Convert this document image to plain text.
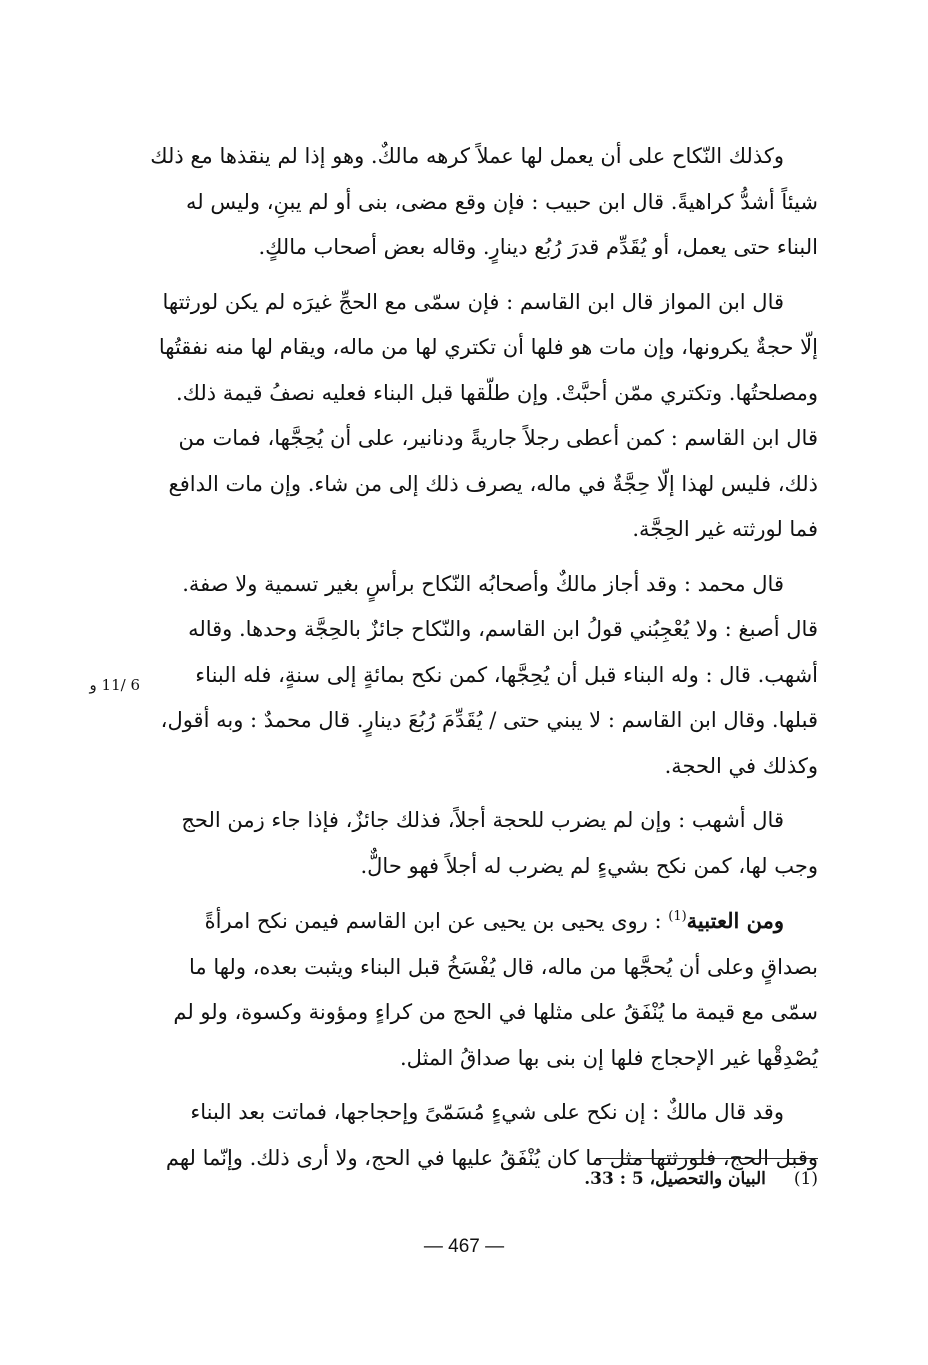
وكذلك النّكاح على أن يعمل لها عملاً كرهه مالكٌ. وهو إذا لم ينقذها مع ذلك شيئاً أشدُّ كراهيةً. قال ابن حبيب : فإن وقع مضى، بنى أو لم يبنِ، وليس له البناء حتى يعمل، أو يُقَدِّم قدرَ رُبُع دينارٍ. وقاله بعض أصحاب مالكٍ.

قال ابن المواز قال ابن القاسم : فإن سمّى مع الحجِّ غيرَه لم يكن لورثتها إلّا حجةٌ يكرونها، وإن مات هو فلها أن تكتري لها من ماله، ويقام لها منه نفقتُها ومصلحتُها. وتكتري ممّن أحبَّتْ. وإن طلّقها قبل البناء فعليه نصفُ قيمة ذلك. قال ابن القاسم : كمن أعطى رجلاً جاريةً ودنانير، على أن يُحِجَّها، فمات من ذلك، فليس لهذا إلّا حِجَّةٌ في ماله، يصرف ذلك إلى من شاء. وإن مات الدافع فما لورثته غير الحِجَّة.

قال محمد : وقد أجاز مالكٌ وأصحابُه النّكاح برأسٍ بغير تسمية ولا صفة. قال أصبغ : ولا يُعْجِبُني قولُ ابن القاسم، والنّكاح جائزٌ بالحِجَّة وحدها. وقاله أشهب. قال : وله البناء قبل أن يُحِجَّها، كمن نكح بمائةٍ إلى سنةٍ، فله البناء قبلها. وقال ابن القاسم : لا يبني حتى / يُقَدِّمَ رُبُعَ دينارٍ. قال محمدٌ : وبه أقول، وكذلك في الحجة.

قال أشهب : وإن لم يضرب للحجة أجلاً، فذلك جائزٌ، فإذا جاء زمن الحج وجب لها، كمن نكح بشيءٍ لم يضرب له أجلاً فهو حالٌّ.

ومن العتبية$^{(1)}$ : روى يحيى بن يحيى عن ابن القاسم فيمن نكح امرأةً بصداقٍ وعلى أن يُحجَّها من ماله، قال يُفْسَخُ قبل البناء ويثبت بعده، ولها ما سمّى مع قيمة ما يُنْفَقُ على مثلها في الحج من كراءٍ ومؤونة وكسوة، ولو لم يُصْدِقْها غير الإحجاج فلها إن بنى بها صداقُ المثل.

وقد قال مالكٌ : إن نكح على شيءٍ مُسَمّىً وإحجاجها، فماتت بعد البناء وقبل الحج، فلورثتها مثل ما كان يُنْفَقُ عليها في الحج، ولا أرى ذلك. وإنّما لهم

6 /11 و
(1)البيان والتحصيل، 5 : 33.
— 467 —
